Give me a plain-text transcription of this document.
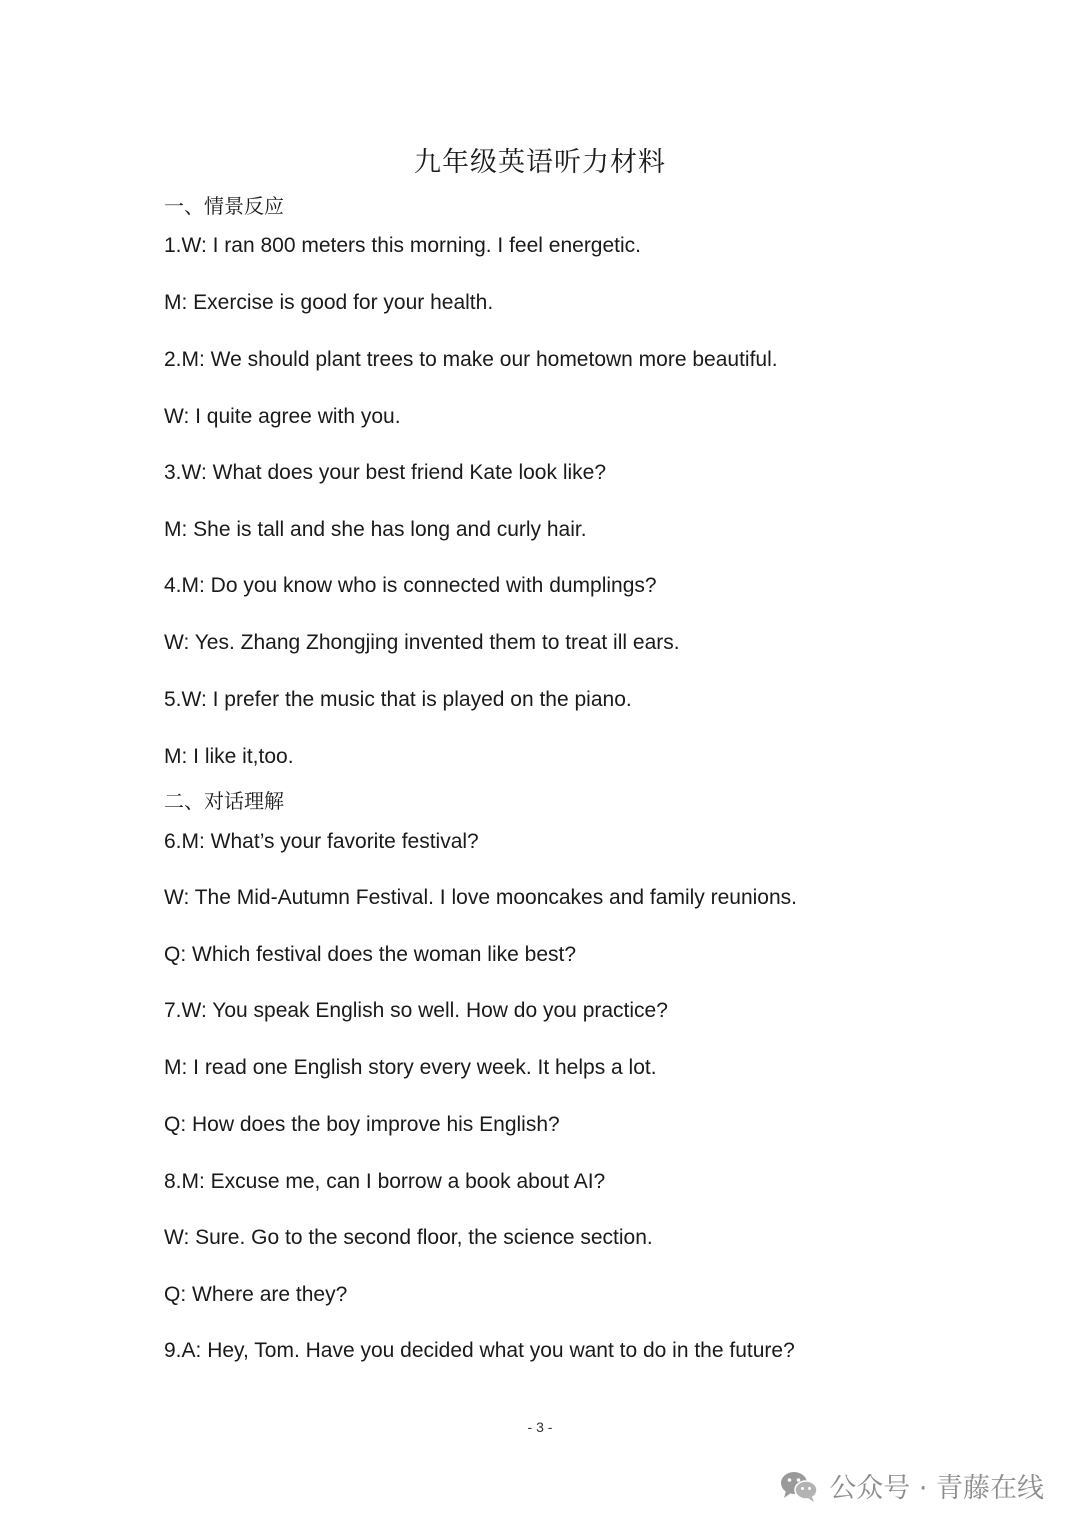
九年级英语听力材料
一、情景反应
1.W: I ran 800 meters this morning. I feel energetic.
M: Exercise is good for your health.
2.M: We should plant trees to make our hometown more beautiful.
W: I quite agree with you.
3.W: What does your best friend Kate look like?
M: She is tall and she has long and curly hair.
4.M: Do you know who is connected with dumplings?
W: Yes. Zhang Zhongjing invented them to treat ill ears.
5.W: I prefer the music that is played on the piano.
M: I like it,too.
二、对话理解
6.M: What’s your favorite festival?
W: The Mid-Autumn Festival. I love mooncakes and family reunions.
Q: Which festival does the woman like best?
7.W: You speak English so well. How do you practice?
M: I read one English story every week. It helps a lot.
Q: How does the boy improve his English?
8.M: Excuse me, can I borrow a book about AI?
W: Sure. Go to the second floor, the science section.
Q: Where are they?
9.A: Hey, Tom. Have you decided what you want to do in the future?
- 3 -
公众号 · 青藤在线
